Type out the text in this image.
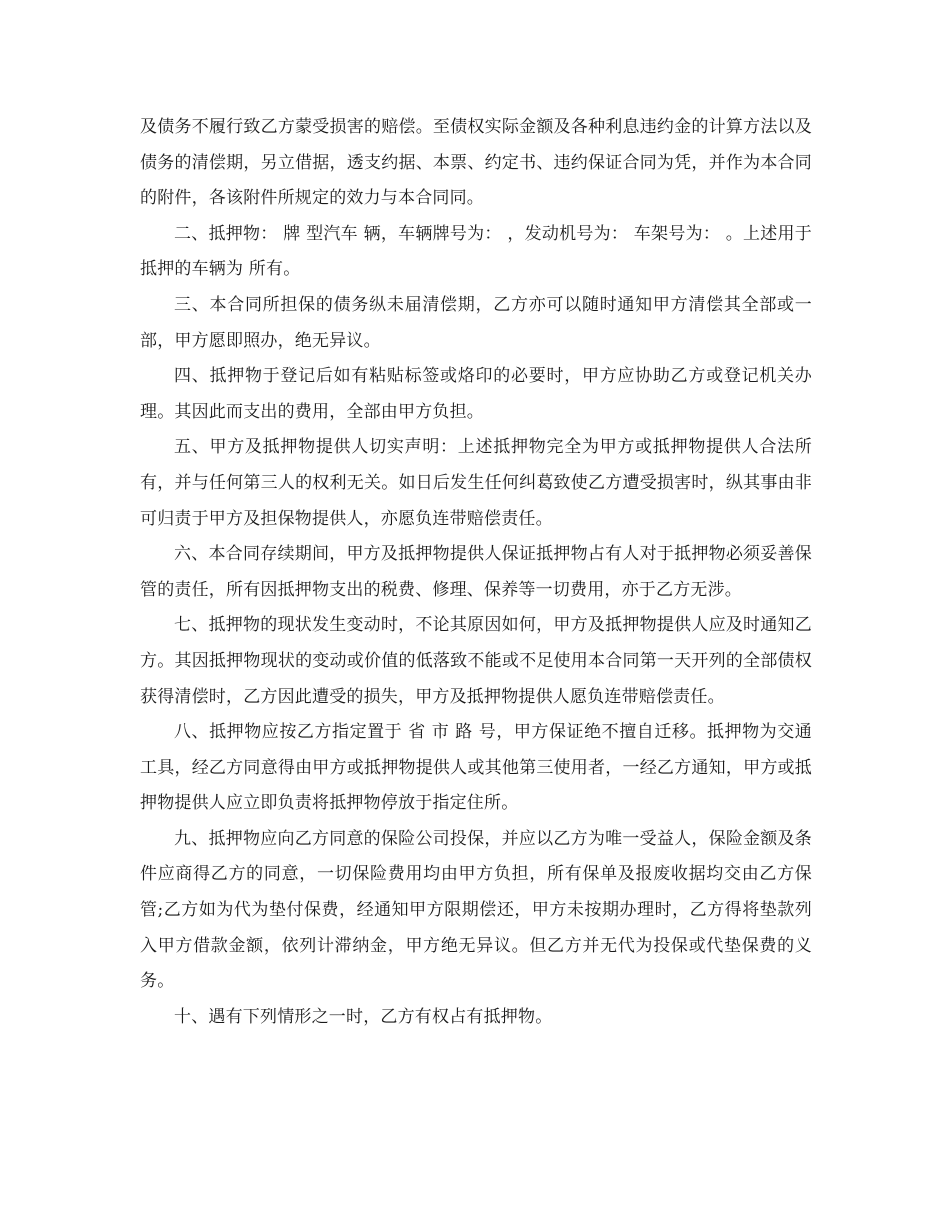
及债务不履行致乙方蒙受损害的赔偿。至债权实际金额及各种利息违约金的计算方法以及债务的清偿期，另立借据，透支约据、本票、约定书、违约保证合同为凭，并作为本合同的附件，各该附件所规定的效力与本合同同。

二、抵押物： 牌 型汽车 辆，车辆牌号为： ，发动机号为： 车架号为： 。上述用于抵押的车辆为 所有。

三、本合同所担保的债务纵未届清偿期，乙方亦可以随时通知甲方清偿其全部或一部，甲方愿即照办，绝无异议。

四、抵押物于登记后如有粘贴标签或烙印的必要时，甲方应协助乙方或登记机关办理。其因此而支出的费用，全部由甲方负担。

五、甲方及抵押物提供人切实声明：上述抵押物完全为甲方或抵押物提供人合法所有，并与任何第三人的权利无关。如日后发生任何纠葛致使乙方遭受损害时，纵其事由非可归责于甲方及担保物提供人，亦愿负连带赔偿责任。

六、本合同存续期间，甲方及抵押物提供人保证抵押物占有人对于抵押物必须妥善保管的责任，所有因抵押物支出的税费、修理、保养等一切费用，亦于乙方无涉。

七、抵押物的现状发生变动时，不论其原因如何，甲方及抵押物提供人应及时通知乙方。其因抵押物现状的变动或价值的低落致不能或不足使用本合同第一天开列的全部债权获得清偿时，乙方因此遭受的损失，甲方及抵押物提供人愿负连带赔偿责任。

八、抵押物应按乙方指定置于 省 市 路 号，甲方保证绝不擅自迁移。抵押物为交通工具，经乙方同意得由甲方或抵押物提供人或其他第三使用者，一经乙方通知，甲方或抵押物提供人应立即负责将抵押物停放于指定住所。

九、抵押物应向乙方同意的保险公司投保，并应以乙方为唯一受益人，保险金额及条件应商得乙方的同意，一切保险费用均由甲方负担，所有保单及报废收据均交由乙方保管;乙方如为代为垫付保费，经通知甲方限期偿还，甲方未按期办理时，乙方得将垫款列入甲方借款金额，依列计滞纳金，甲方绝无异议。但乙方并无代为投保或代垫保费的义务。

十、遇有下列情形之一时，乙方有权占有抵押物。
